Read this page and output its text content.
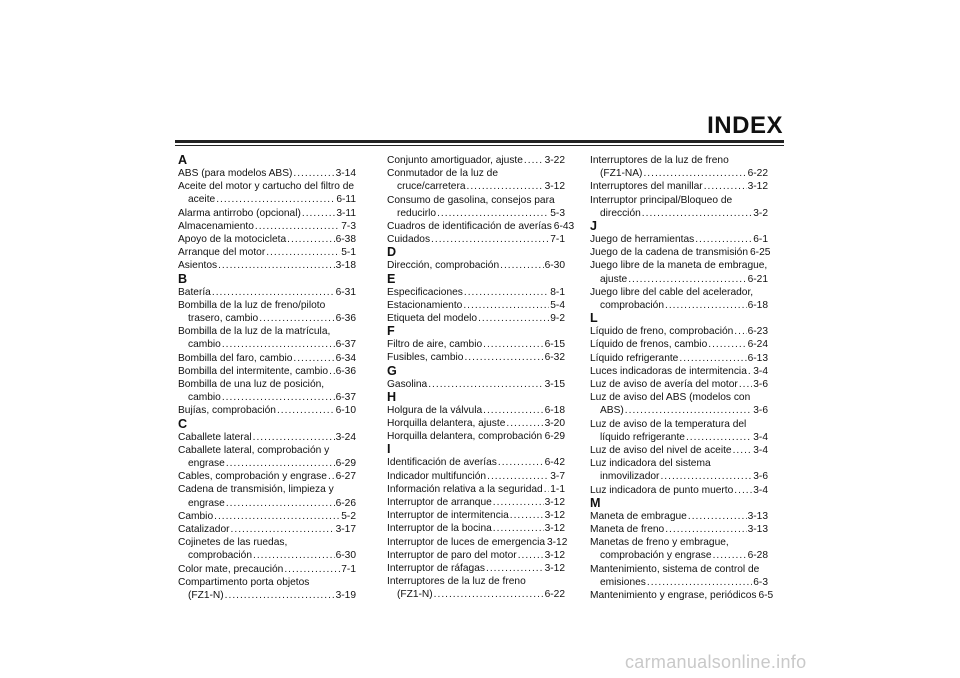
INDEX
A
ABS (para modelos ABS) .....	3-14
Aceite del motor y cartucho del filtro de
aceite .....	6-11
Alarma antirrobo (opcional) .....	3-11
Almacenamiento .....	7-3
Apoyo de la motocicleta .....	6-38
Arranque del motor .....	5-1
Asientos .....	3-18
B
Batería .....	6-31
Bombilla de la luz de freno/piloto
trasero, cambio .....	6-36
Bombilla de la luz de la matrícula,
cambio .....	6-37
Bombilla del faro, cambio .....	6-34
Bombilla del intermitente, cambio ..... 6-36
Bombilla de una luz de posición,
cambio .....	6-37
Bujías, comprobación .....	6-10
C
Caballete lateral .....	3-24
Caballete lateral, comprobación y
engrase .....	6-29
Cables, comprobación y engrase ..... 6-27
Cadena de transmisión, limpieza y
engrase .....	6-26
Cambio .....	5-2
Catalizador .....	3-17
Cojinetes de las ruedas,
comprobación .....	6-30
Color mate, precaución .....	7-1
Compartimento porta objetos
(FZ1-N) .....	3-19
Conjunto amortiguador, ajuste ..... 3-22
Conmutador de la luz de
cruce/carretera .....	3-12
Consumo de gasolina, consejos para
reducirlo .....	5-3
Cuadros de identificación de averías 6-43
Cuidados .....	7-1
D
Dirección, comprobación .....	6-30
E
Especificaciones .....	8-1
Estacionamiento .....	5-4
Etiqueta del modelo .....	9-2
F
Filtro de aire, cambio .....	6-15
Fusibles, cambio .....	6-32
G
Gasolina .....	3-15
H
Holgura de la válvula .....	6-18
Horquilla delantera, ajuste .....	3-20
Horquilla delantera, comprobación ..... 6-29
I
Identificación de averías .....	6-42
Indicador multifunción .....	3-7
Información relativa a la seguridad ..... 1-1
Interruptor de arranque .....	3-12
Interruptor de intermitencia .....	3-12
Interruptor de la bocina .....	3-12
Interruptor de luces de emergencia 3-12
Interruptor de paro del motor .....	3-12
Interruptor de ráfagas .....	3-12
Interruptores de la luz de freno
(FZ1-N) .....	6-22
Interruptores de la luz de freno
(FZ1-NA) .....	6-22
Interruptores del manillar .....	3-12
Interruptor principal/Bloqueo de
dirección .....	3-2
J
Juego de herramientas .....	6-1
Juego de la cadena de transmisión 6-25
Juego libre de la maneta de embrague,
ajuste .....	6-21
Juego libre del cable del acelerador,
comprobación .....	6-18
L
Líquido de freno, comprobación ..... 6-23
Líquido de frenos, cambio .....	6-24
Líquido refrigerante .....	6-13
Luces indicadoras de intermitencia ..... 3-4
Luz de aviso de avería del motor ..... 3-6
Luz de aviso del ABS (modelos con
ABS) .....	3-6
Luz de aviso de la temperatura del
líquido refrigerante .....	3-4
Luz de aviso del nivel de aceite ..... 3-4
Luz indicadora del sistema
inmovilizador .....	3-6
Luz indicadora de punto muerto ..... 3-4
M
Maneta de embrague .....	3-13
Maneta de freno .....	3-13
Manetas de freno y embrague,
comprobación y engrase .....	6-28
Mantenimiento, sistema de control de
emisiones .....	6-3
Mantenimiento y engrase, periódicos 6-5
carmanualsonline.info
